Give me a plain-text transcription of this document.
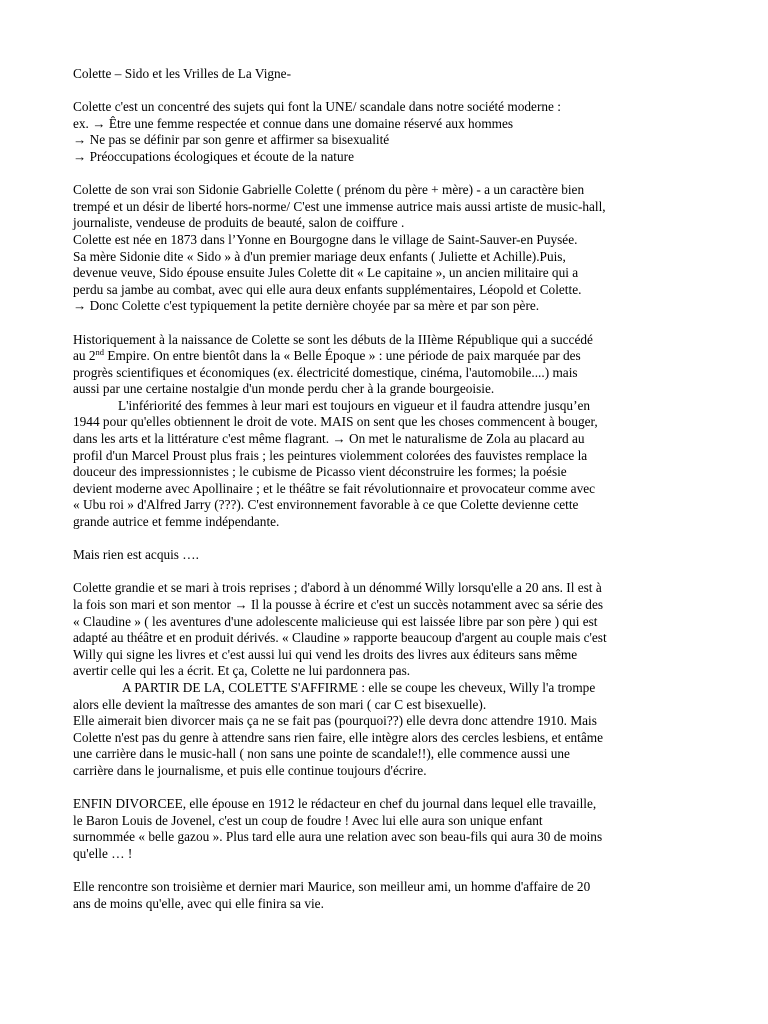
Colette – Sido et les Vrilles de La Vigne-

Colette c'est un concentré des sujets qui font la UNE/ scandale dans notre société moderne :

ex. → Être une femme respectée et connue dans une domaine réservé aux hommes

→ Ne pas se définir par son genre et affirmer sa bisexualité

→ Préoccupations écologiques et écoute de la nature

Colette de son vrai son Sidonie Gabrielle Colette ( prénom du père + mère) - a un caractère bien

trempé et un désir de liberté hors-norme/ C'est une immense autrice mais aussi artiste de music-hall,

journaliste, vendeuse de produits de beauté, salon de coiffure .

Colette est née en 1873 dans l’Yonne en Bourgogne dans le village de Saint-Sauver-en Puysée.

Sa mère Sidonie dite « Sido » à d'un premier mariage deux enfants ( Juliette et Achille).Puis,

devenue veuve, Sido épouse ensuite Jules Colette dit « Le capitaine », un ancien militaire qui a

perdu sa jambe au combat, avec qui elle aura deux enfants supplémentaires, Léopold et Colette.

→ Donc Colette c'est typiquement la petite dernière choyée par sa mère et par son père.

Historiquement à la naissance de Colette se sont les débuts de la IIIème République qui a succédé

au 2nd Empire. On entre bientôt dans la « Belle Époque » : une période de paix marquée par des

progrès scientifiques et économiques (ex. électricité domestique, cinéma, l'automobile....) mais

aussi par une certaine nostalgie d'un monde perdu cher à la grande bourgeoisie.

L'infériorité des femmes à leur mari est toujours en vigueur et il faudra attendre jusqu’en

1944 pour qu'elles obtiennent le droit de vote. MAIS on sent que les choses commencent à bouger,

dans les arts et la littérature c'est même flagrant. → On met le naturalisme de Zola au placard au

profil d'un Marcel Proust plus frais ; les peintures violemment colorées des fauvistes remplace la

douceur des impressionnistes ; le cubisme de Picasso vient déconstruire les formes; la poésie

devient moderne avec Apollinaire ; et le théâtre se fait révolutionnaire et provocateur comme avec

« Ubu roi » d'Alfred Jarry (???). C'est environnement favorable à ce que Colette devienne cette

grande autrice et femme indépendante.

Mais rien est acquis ….

Colette grandie et se mari à trois reprises ; d'abord à un dénommé Willy lorsqu'elle a 20 ans. Il est à

la fois son mari et son mentor → Il la pousse à écrire et c'est un succès notamment avec sa série des

« Claudine » ( les aventures d'une adolescente malicieuse qui est laissée libre par son père ) qui est

adapté au théâtre et en produit dérivés. « Claudine » rapporte beaucoup d'argent au couple mais c'est

Willy qui signe les livres et c'est aussi lui qui vend les droits des livres aux éditeurs sans même

avertir celle qui les a écrit. Et ça, Colette ne lui pardonnera pas.

A PARTIR DE LA, COLETTE S'AFFIRME : elle se coupe les cheveux, Willy l'a trompe

alors elle devient la maîtresse des amantes de son mari ( car C est bisexuelle).

Elle aimerait bien divorcer mais ça ne se fait pas (pourquoi??) elle devra donc attendre 1910. Mais

Colette n'est pas du genre à attendre sans rien faire, elle intègre alors des cercles lesbiens, et entâme

une carrière dans le music-hall ( non sans une pointe de scandale!!), elle commence aussi une

carrière dans le journalisme, et puis elle continue toujours d'écrire.

ENFIN DIVORCEE, elle épouse en 1912 le rédacteur en chef du journal dans lequel elle travaille,

le Baron Louis de Jovenel, c'est un coup de foudre ! Avec lui elle aura son unique enfant

surnommée « belle gazou ». Plus tard elle aura une relation avec son beau-fils qui aura 30 de moins

qu'elle … !

Elle rencontre son troisième et dernier mari Maurice, son meilleur ami, un homme d'affaire de 20

ans de moins qu'elle, avec qui elle finira sa vie.
